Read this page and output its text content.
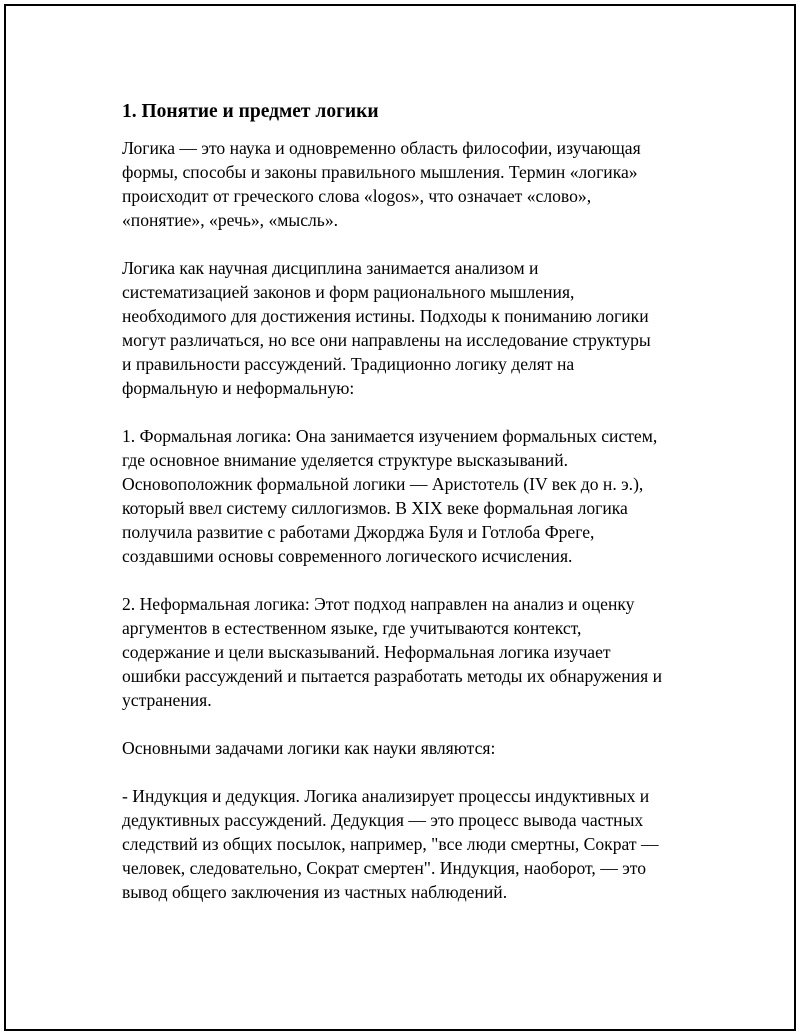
1. Понятие и предмет логики

Логика — это наука и одновременно область философии, изучающая
формы, способы и законы правильного мышления. Термин «логика»
происходит от греческого слова «logos», что означает «слово»,
«понятие», «речь», «мысль».

Логика как научная дисциплина занимается анализом и
систематизацией законов и форм рационального мышления,
необходимого для достижения истины. Подходы к пониманию логики
могут различаться, но все они направлены на исследование структуры
и правильности рассуждений. Традиционно логику делят на
формальную и неформальную:

1. Формальная логика: Она занимается изучением формальных систем,
где основное внимание уделяется структуре высказываний.
Основоположник формальной логики — Аристотель (IV век до н. э.),
который ввел систему силлогизмов. В XIX веке формальная логика
получила развитие с работами Джорджа Буля и Готлоба Фреге,
создавшими основы современного логического исчисления.

2. Неформальная логика: Этот подход направлен на анализ и оценку
аргументов в естественном языке, где учитываются контекст,
содержание и цели высказываний. Неформальная логика изучает
ошибки рассуждений и пытается разработать методы их обнаружения и
устранения.

Основными задачами логики как науки являются:

- Индукция и дедукция. Логика анализирует процессы индуктивных и
дедуктивных рассуждений. Дедукция — это процесс вывода частных
следствий из общих посылок, например, "все люди смертны, Сократ —
человек, следовательно, Сократ смертен". Индукция, наоборот, — это
вывод общего заключения из частных наблюдений.
